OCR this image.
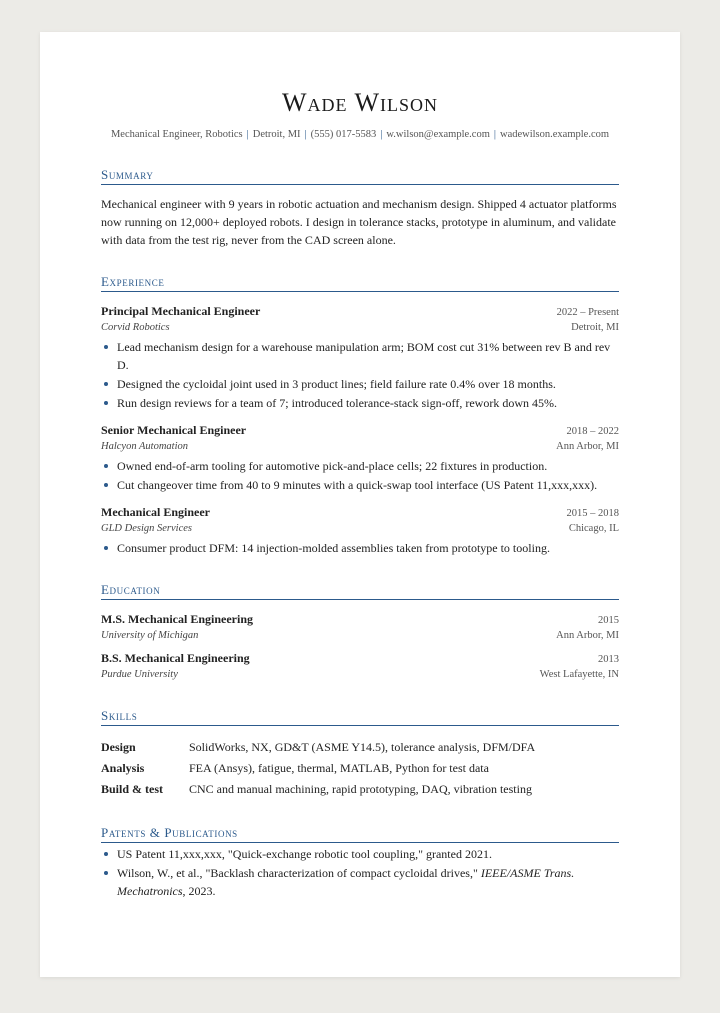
Wade Wilson
Mechanical Engineer, Robotics | Detroit, MI | (555) 017-5583 | w.wilson@example.com | wadewilson.example.com
Summary
Mechanical engineer with 9 years in robotic actuation and mechanism design. Shipped 4 actuator platforms now running on 12,000+ deployed robots. I design in tolerance stacks, prototype in aluminum, and validate with data from the test rig, never from the CAD screen alone.
Experience
Principal Mechanical Engineer	2022 – Present
Corvid Robotics	Detroit, MI
Lead mechanism design for a warehouse manipulation arm; BOM cost cut 31% between rev B and rev D.
Designed the cycloidal joint used in 3 product lines; field failure rate 0.4% over 18 months.
Run design reviews for a team of 7; introduced tolerance-stack sign-off, rework down 45%.
Senior Mechanical Engineer	2018 – 2022
Halcyon Automation	Ann Arbor, MI
Owned end-of-arm tooling for automotive pick-and-place cells; 22 fixtures in production.
Cut changeover time from 40 to 9 minutes with a quick-swap tool interface (US Patent 11,xxx,xxx).
Mechanical Engineer	2015 – 2018
GLD Design Services	Chicago, IL
Consumer product DFM: 14 injection-molded assemblies taken from prototype to tooling.
Education
M.S. Mechanical Engineering	2015
University of Michigan	Ann Arbor, MI
B.S. Mechanical Engineering	2013
Purdue University	West Lafayette, IN
Skills
Design	SolidWorks, NX, GD&T (ASME Y14.5), tolerance analysis, DFM/DFA
Analysis	FEA (Ansys), fatigue, thermal, MATLAB, Python for test data
Build & test	CNC and manual machining, rapid prototyping, DAQ, vibration testing
Patents & Publications
US Patent 11,xxx,xxx, "Quick-exchange robotic tool coupling," granted 2021.
Wilson, W., et al., "Backlash characterization of compact cycloidal drives," IEEE/ASME Trans. Mechatronics, 2023.
